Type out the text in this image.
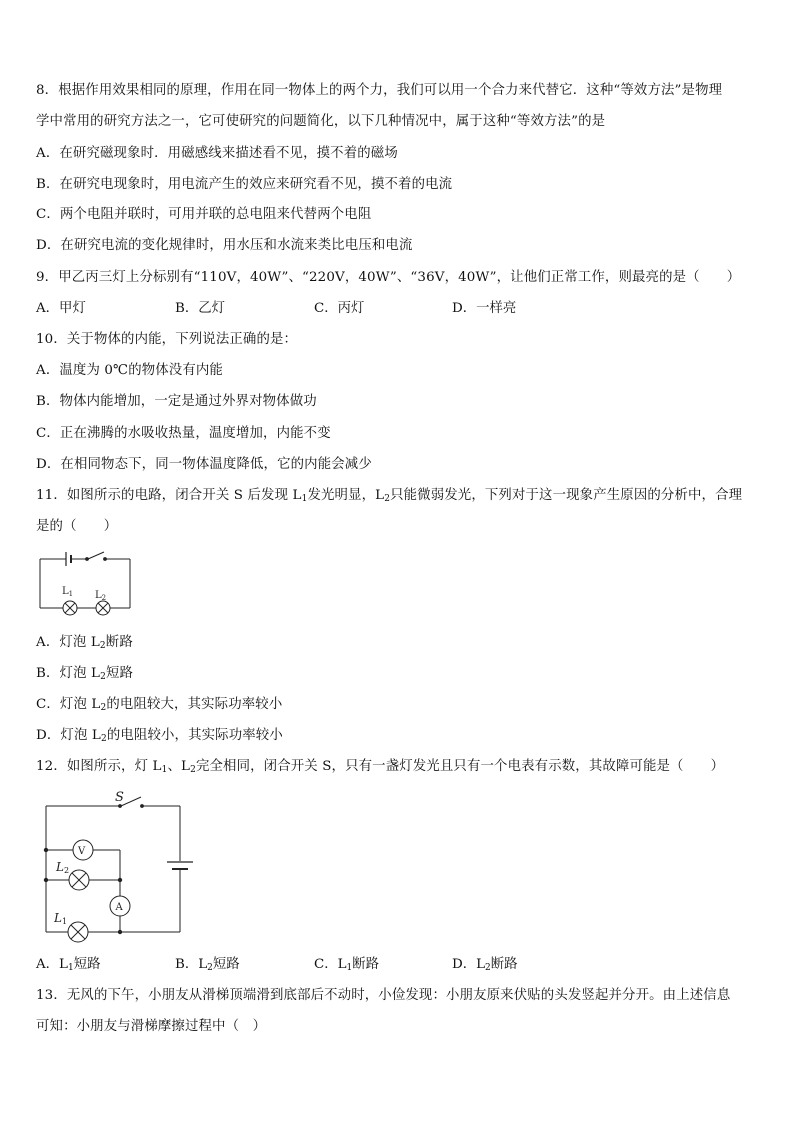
8．根据作用效果相同的原理，作用在同一物体上的两个力，我们可以用一个合力来代替它．这种“等效方法”是物理
学中常用的研究方法之一，它可使研究的问题简化，以下几种情况中，属于这种“等效方法”的是
A．在研究磁现象时．用磁感线来描述看不见，摸不着的磁场
B．在研究电现象时，用电流产生的效应来研究看不见，摸不着的电流
C．两个电阻并联时，可用并联的总电阻来代替两个电阻
D．在研究电流的变化规律时，用水压和水流来类比电压和电流
9．甲乙丙三灯上分标别有“110V，40W”、“220V，40W”、“36V，40W”，让他们正常工作，则最亮的是（　　）
A．甲灯	B．乙灯	C．丙灯	D．一样亮
10．关于物体的内能，下列说法正确的是：
A．温度为 0℃的物体没有内能
B．物体内能增加，一定是通过外界对物体做功
C．正在沸腾的水吸收热量，温度增加，内能不变
D．在相同物态下，同一物体温度降低，它的内能会减少
11．如图所示的电路，闭合开关 S 后发现 $L_1$发光明显，$L_2$只能微弱发光，下列对于这一现象产生原因的分析中，合理
是的（　　）
$L_1$ $L_2$
A．灯泡 $L_2$断路
B．灯泡 $L_2$短路
C．灯泡 $L_2$的电阻较大，其实际功率较小
D．灯泡 $L_2$的电阻较小，其实际功率较小
12．如图所示，灯 $L_1$、$L_2$完全相同，闭合开关 S，只有一盏灯发光且只有一个电表有示数，其故障可能是（　　）
S
V
A
L2
L1
A．$L_1$短路	B．$L_2$短路	C．$L_1$断路	D．$L_2$断路
13．无风的下午，小朋友从滑梯顶端滑到底部后不动时，小俭发现：小朋友原来伏贴的头发竖起并分开。由上述信息
可知：小朋友与滑梯摩擦过程中（　）
